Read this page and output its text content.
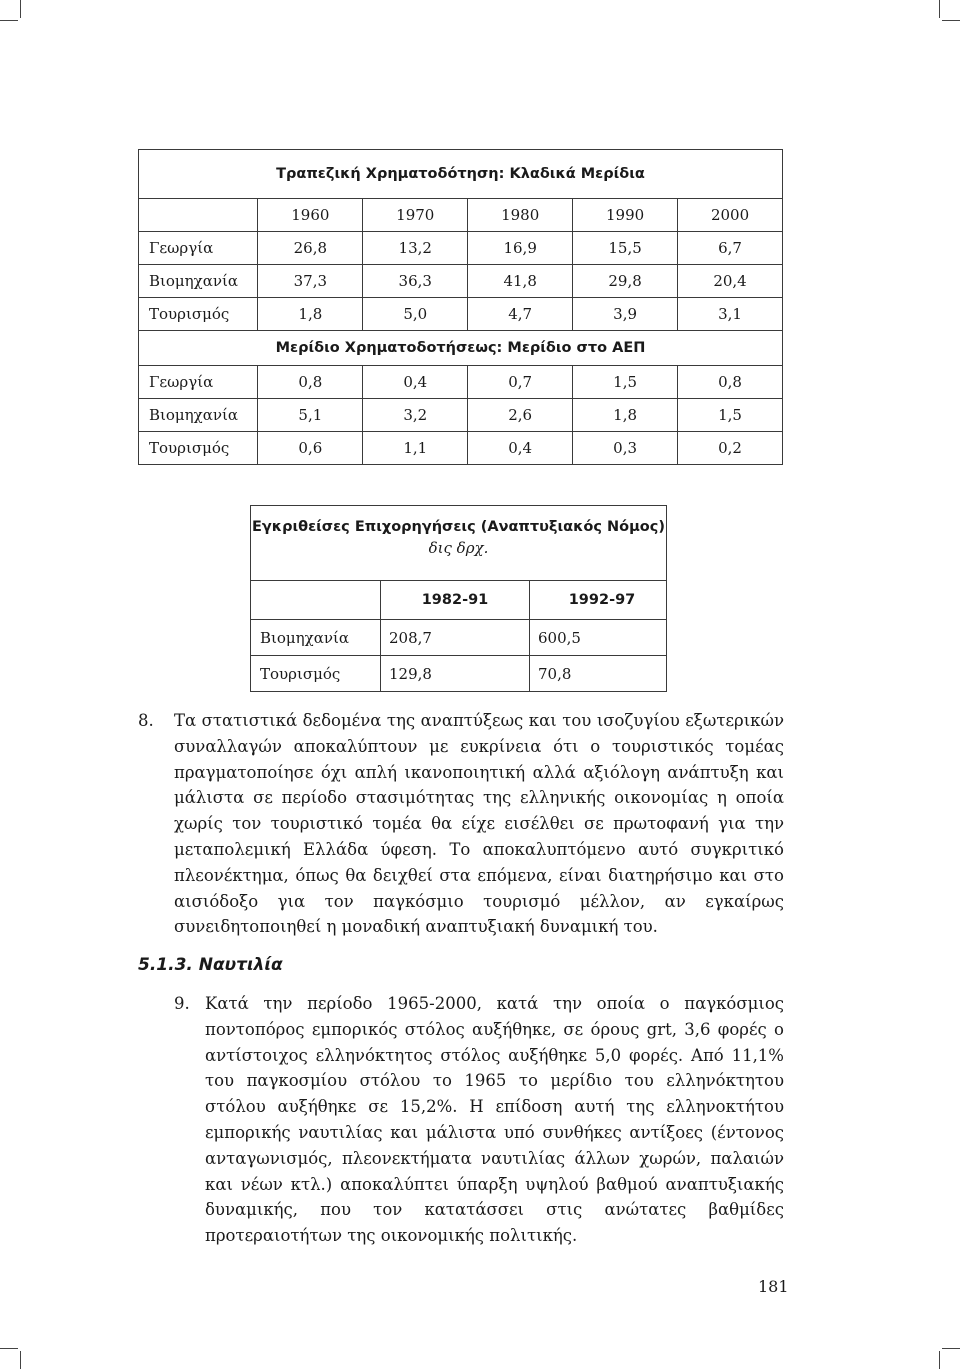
Τραπεζική Χρηματοδότηση: Κλαδικά Μερίδια					
	1960	1970	1980	1990	2000
Γεωργία	26,8	13,2	16,9	15,5	6,7
Βιομηχανία	37,3	36,3	41,8	29,8	20,4
Τουρισμός	1,8	5,0	4,7	3,9	3,1
Μερίδιο Χρηματοδοτήσεως: Μερίδιο στο ΑΕΠ					
Γεωργία	0,8	0,4	0,7	1,5	0,8
Βιομηχανία	5,1	3,2	2,6	1,8	1,5
Τουρισμός	0,6	1,1	0,4	0,3	0,2
Εγκριθείσες Επιχορηγήσεις (Αναπτυξιακός Νόμος)
δις δρχ.		

	1982-91	1992-97
Βιομηχανία	208,7	600,5
Τουρισμός	129,8	70,8
8. Τα στατιστικά δεδομένα της αναπτύξεως και του ισοζυγίου εξωτερικών συναλλαγών αποκαλύπτουν με ευκρίνεια ότι ο τουριστικός τομέας πραγματοποίησε όχι απλή ικανοποιητική αλλά αξιόλογη ανάπτυξη και μάλιστα σε περίοδο στασιμότητας της ελληνικής οικονομίας η οποία χωρίς τον τουριστικό τομέα θα είχε εισέλθει σε πρωτοφανή για την μεταπολεμική Ελλάδα ύφεση. Το αποκαλυπτόμενο αυτό συγκριτικό πλεονέκτημα, όπως θα δειχθεί στα επόμενα, είναι διατηρήσιμο και στο αισιόδοξο για τον παγκόσμιο τουρισμό μέλλον, αν εγκαίρως συνειδητοποιηθεί η μοναδική αναπτυξιακή δυναμική του.

5.1.3. Ναυτιλία
9. Κατά την περίοδο 1965-2000, κατά την οποία ο παγκόσμιος ποντοπόρος εμπορικός στόλος αυξήθηκε, σε όρους grt, 3,6 φορές ο αντίστοιχος ελληνόκτητος στόλος αυξήθηκε 5,0 φορές. Από 11,1% του παγκοσμίου στόλου το 1965 το μερίδιο του ελληνόκτητου στόλου αυξήθηκε σε 15,2%. Η επίδοση αυτή της ελληνοκτήτου εμπορικής ναυτιλίας και μάλιστα υπό συνθήκες αντίξοες (έντονος ανταγωνισμός, πλεονεκτήματα ναυτιλίας άλλων χωρών, παλαιών και νέων κτλ.) αποκαλύπτει ύπαρξη υψηλού βαθμού αναπτυξιακής δυναμικής, που τον κατατάσσει στις ανώτατες βαθμίδες προτεραιοτήτων της οικονομικής πολιτικής.

181
